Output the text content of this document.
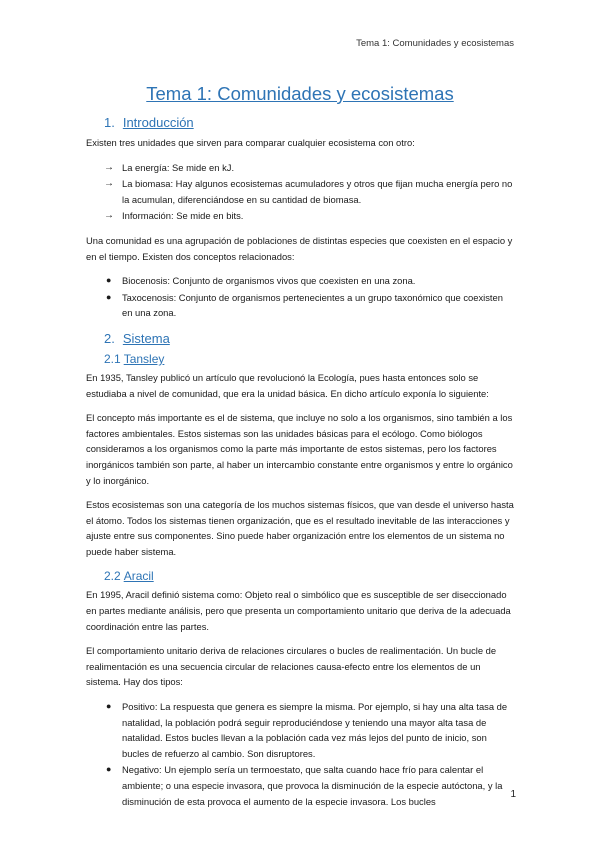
Tema 1: Comunidades y ecosistemas
Tema 1: Comunidades y ecosistemas
1. Introducción

Existen tres unidades que sirven para comparar cualquier ecosistema con otro:

→ La energía: Se mide en kJ.
→ La biomasa: Hay algunos ecosistemas acumuladores y otros que fijan mucha energía pero no la acumulan, diferenciándose en su cantidad de biomasa.
→ Información: Se mide en bits.

Una comunidad es una agrupación de poblaciones de distintas especies que coexisten en el espacio y en el tiempo. Existen dos conceptos relacionados:

● Biocenosis: Conjunto de organismos vivos que coexisten en una zona.
● Taxocenosis: Conjunto de organismos pertenecientes a un grupo taxonómico que coexisten en una zona.
2. Sistema
2.1 Tansley

En 1935, Tansley publicó un artículo que revolucionó la Ecología, pues hasta entonces solo se estudiaba a nivel de comunidad, que era la unidad básica. En dicho artículo exponía lo siguiente:

El concepto más importante es el de sistema, que incluye no solo a los organismos, sino también a los factores ambientales. Estos sistemas son las unidades básicas para el ecólogo. Como biólogos consideramos a los organismos como la parte más importante de estos sistemas, pero los factores inorgánicos también son parte, al haber un intercambio constante entre organismos y entre lo orgánico y lo inorgánico.

Estos ecosistemas son una categoría de los muchos sistemas físicos, que van desde el universo hasta el átomo. Todos los sistemas tienen organización, que es el resultado inevitable de las interacciones y ajuste entre sus componentes. Sino puede haber organización entre los elementos de un sistema no puede haber sistema.

2.2 Aracil

En 1995, Aracil definió sistema como: Objeto real o simbólico que es susceptible de ser diseccionado en partes mediante análisis, pero que presenta un comportamiento unitario que deriva de la adecuada coordinación entre las partes.

El comportamiento unitario deriva de relaciones circulares o bucles de realimentación. Un bucle de realimentación es una secuencia circular de relaciones causa-efecto entre los elementos de un sistema. Hay dos tipos:

● Positivo: La respuesta que genera es siempre la misma. Por ejemplo, si hay una alta tasa de natalidad, la población podrá seguir reproduciéndose y teniendo una mayor alta tasa de natalidad. Estos bucles llevan a la población cada vez más lejos del punto de inicio, son bucles de refuerzo al cambio. Son disruptores.
● Negativo: Un ejemplo sería un termoestato, que salta cuando hace frío para calentar el ambiente; o una especie invasora, que provoca la disminución de la especie autóctona, y la disminución de esta provoca el aumento de la especie invasora. Los bucles
1
